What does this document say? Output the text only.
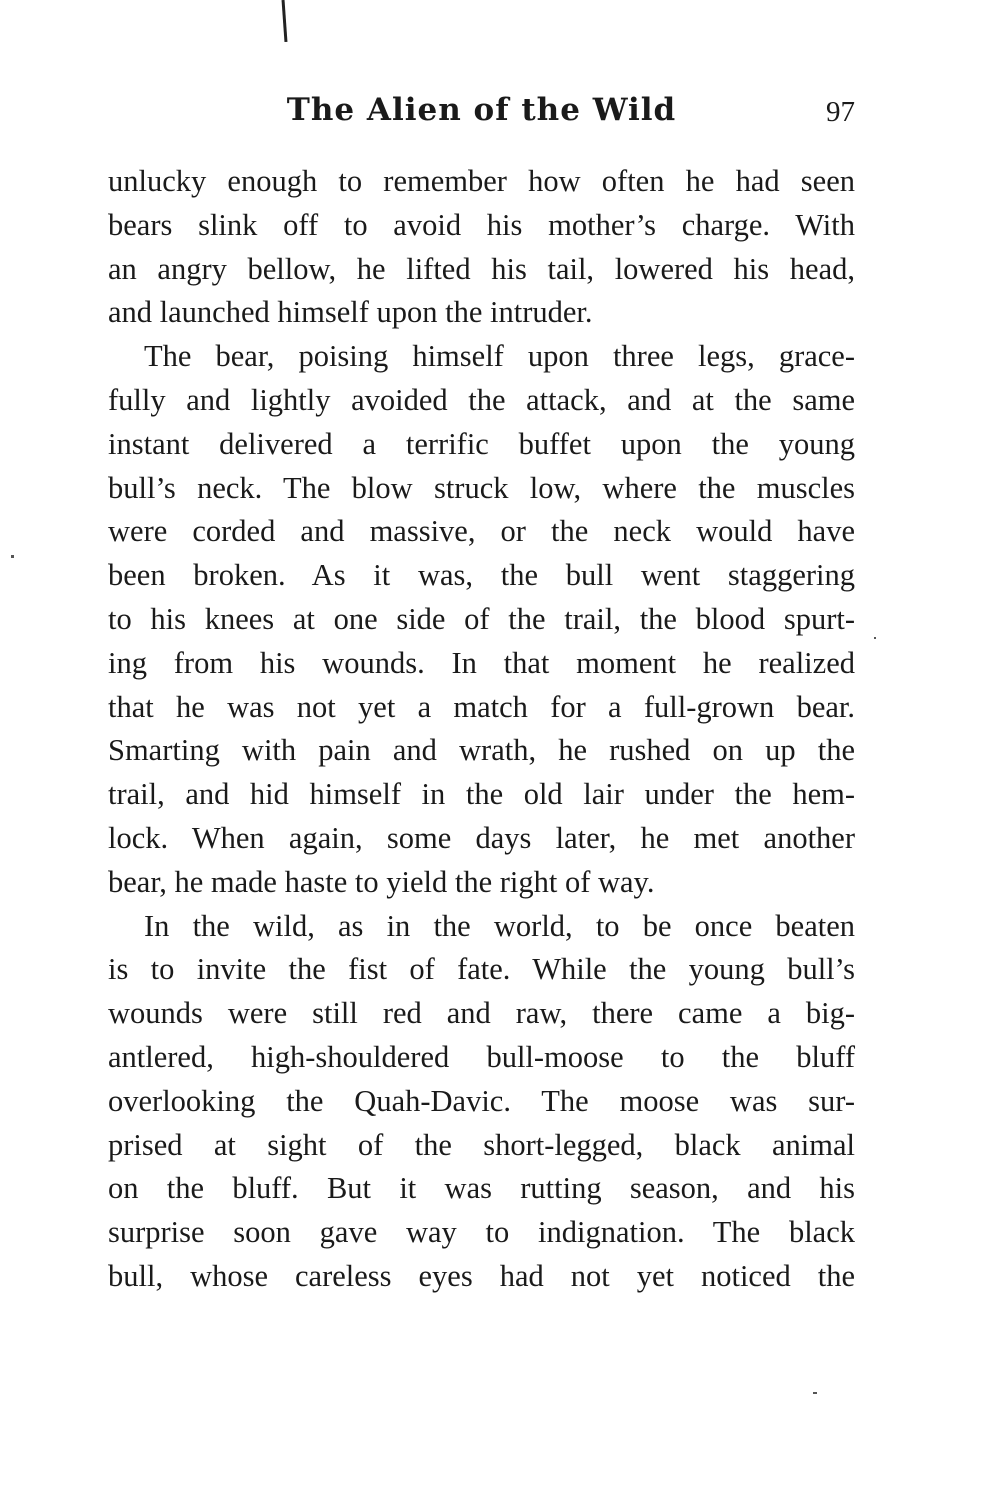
The Alien of the Wild	97
unlucky enough to remember how often he had seen
bears slink off to avoid his mother’s charge. With
an angry bellow, he lifted his tail, lowered his head,
and launched himself upon the intruder.
The bear, poising himself upon three legs, grace-
fully and lightly avoided the attack, and at the same
instant delivered a terrific buffet upon the young
bull’s neck. The blow struck low, where the muscles
were corded and massive, or the neck would have
been broken. As it was, the bull went staggering
to his knees at one side of the trail, the blood spurt-
ing from his wounds. In that moment he realized
that he was not yet a match for a full-grown bear.
Smarting with pain and wrath, he rushed on up the
trail, and hid himself in the old lair under the hem-
lock. When again, some days later, he met another
bear, he made haste to yield the right of way.
In the wild, as in the world, to be once beaten
is to invite the fist of fate. While the young bull’s
wounds were still red and raw, there came a big-
antlered, high-shouldered bull-moose to the bluff
overlooking the Quah-Davic. The moose was sur-
prised at sight of the short-legged, black animal
on the bluff. But it was rutting season, and his
surprise soon gave way to indignation. The black
bull, whose careless eyes had not yet noticed the
